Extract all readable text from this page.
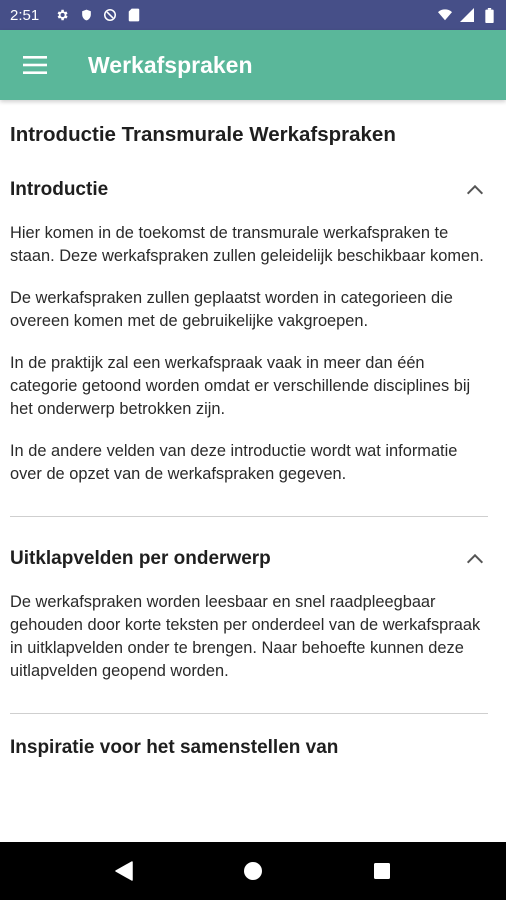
2:51
Werkafspraken
Introductie Transmurale Werkafspraken
Introductie

Hier komen in de toekomst de transmurale werkafspraken te staan. Deze werkafspraken zullen geleidelijk beschikbaar komen.

De werkafspraken zullen geplaatst worden in categorieen die overeen komen met de gebruikelijke vakgroepen.

In de praktijk zal een werkafspraak vaak in meer dan één categorie getoond worden omdat er verschillende disciplines bij het onderwerp betrokken zijn.

In de andere velden van deze introductie wordt wat informatie over de opzet van de werkafspraken gegeven.

Uitklapvelden per onderwerp

De werkafspraken worden leesbaar en snel raadpleegbaar gehouden door korte teksten per onderdeel van de werkafspraak in uitklapvelden onder te brengen. Naar behoefte kunnen deze uitlapvelden geopend worden.

Inspiratie voor het samenstellen van
